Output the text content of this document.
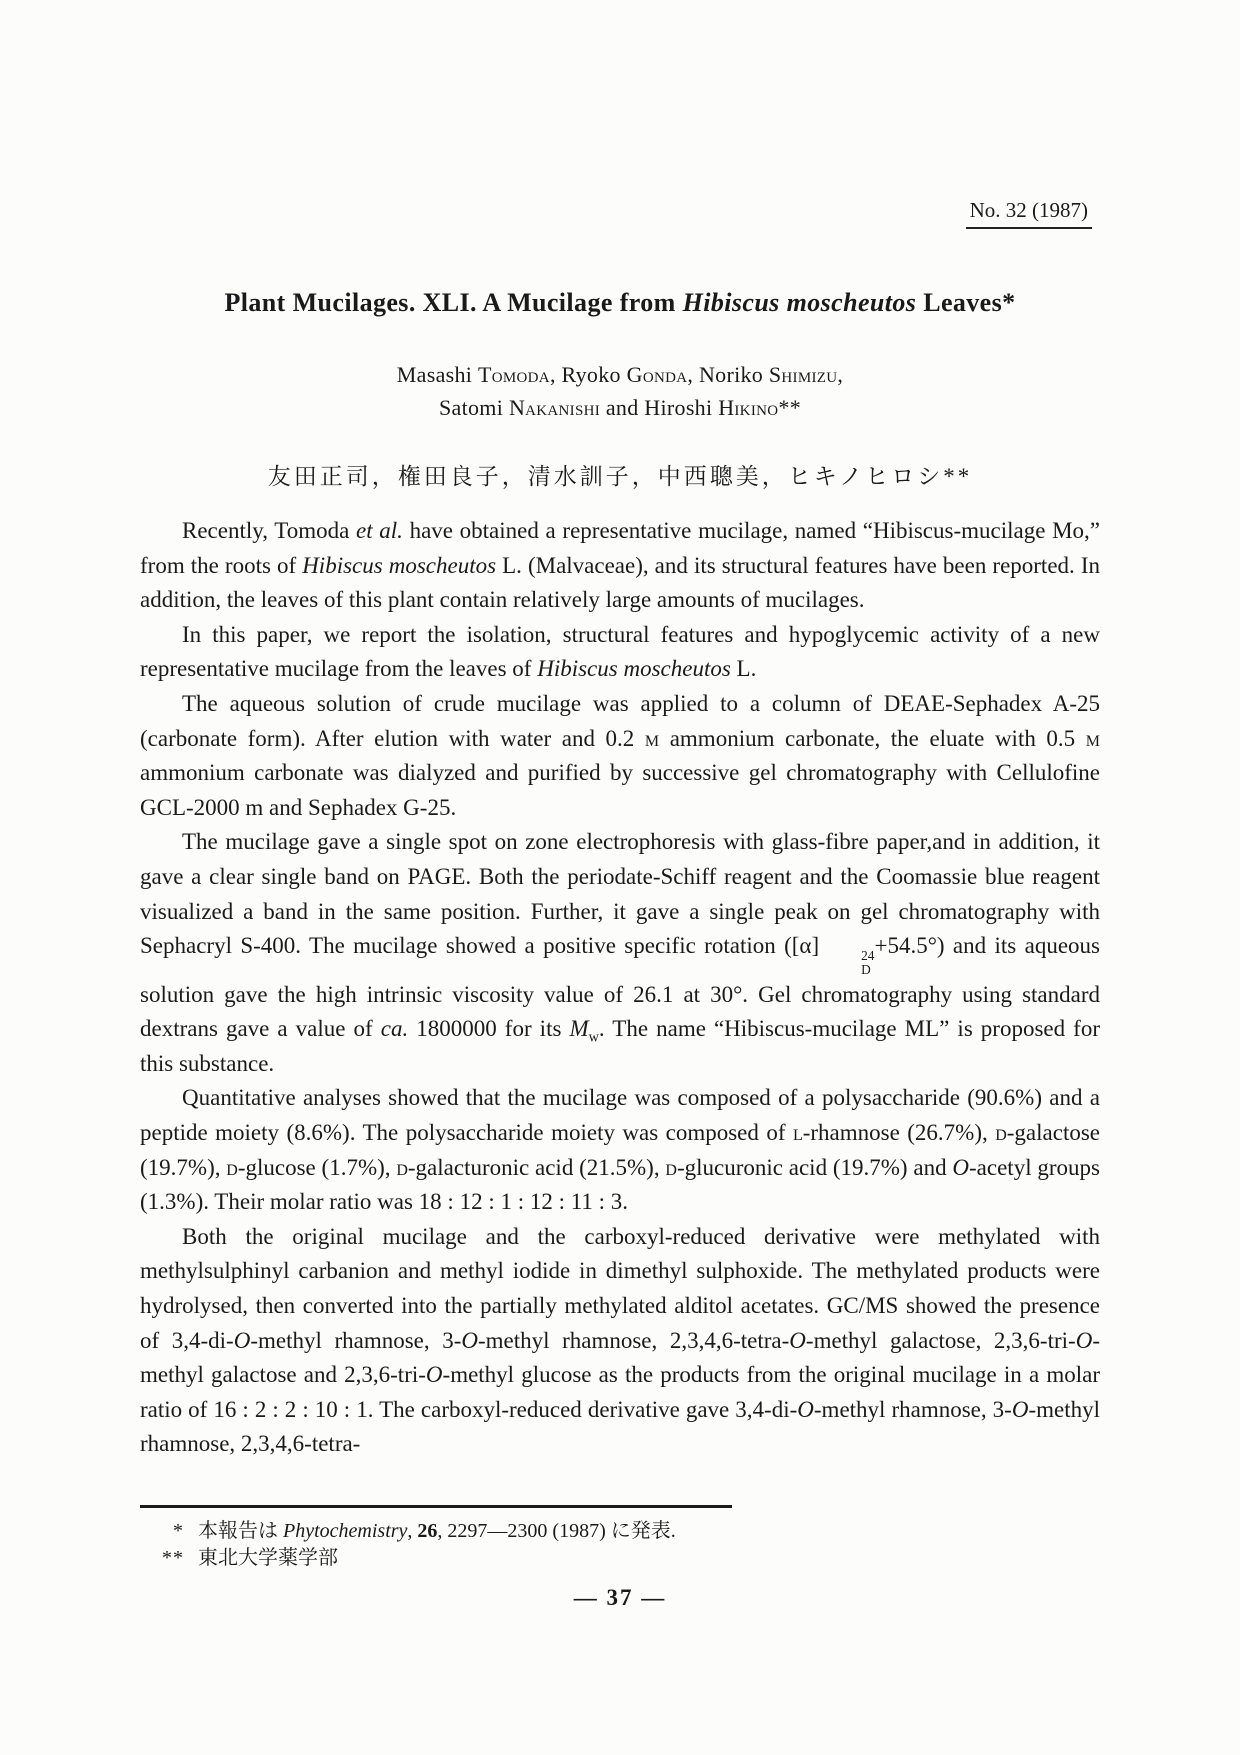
No. 32 (1987)
Plant Mucilages. XLI. A Mucilage from Hibiscus moscheutos Leaves*
Masashi Tomoda, Ryoko Gonda, Noriko Shimizu,
Satomi Nakanishi and Hiroshi Hikino**
友田正司，権田良子，清水訓子，中西聰美，ヒキノヒロシ**

Recently, Tomoda et al. have obtained a representative mucilage, named “Hibiscus-mucilage Mo,” from the roots of Hibiscus moscheutos L. (Malvaceae), and its structural features have been reported. In addition, the leaves of this plant contain relatively large amounts of mucilages.

In this paper, we report the isolation, structural features and hypoglycemic activity of a new representative mucilage from the leaves of Hibiscus moscheutos L.

The aqueous solution of crude mucilage was applied to a column of DEAE-Sephadex A-25 (carbonate form). After elution with water and 0.2 m ammonium carbonate, the eluate with 0.5 m ammonium carbonate was dialyzed and purified by successive gel chromatography with Cellulofine GCL-2000 m and Sephadex G-25.

The mucilage gave a single spot on zone electrophoresis with glass-fibre paper,and in addition, it gave a clear single band on PAGE. Both the periodate-Schiff reagent and the Coomassie blue reagent visualized a band in the same position. Further, it gave a single peak on gel chromatography with Sephacryl S-400. The mucilage showed a positive specific rotation ([α]	24
D
+54.5°) and its aqueous solution gave the high intrinsic viscosity value of 26.1 at 30°. Gel chromatography using standard dextrans gave a value of ca. 1800000 for its $M_w$. The name “Hibiscus-mucilage ML” is proposed for this substance.

Quantitative analyses showed that the mucilage was composed of a polysaccharide (90.6%) and a peptide moiety (8.6%). The polysaccharide moiety was composed of l-rhamnose (26.7%), d-galactose (19.7%), d-glucose (1.7%), d-galacturonic acid (21.5%), d-glucuronic acid (19.7%) and O-acetyl groups (1.3%). Their molar ratio was 18 : 12 : 1 : 12 : 11 : 3.

Both the original mucilage and the carboxyl-reduced derivative were methylated with methylsulphinyl carbanion and methyl iodide in dimethyl sulphoxide. The methylated products were hydrolysed, then converted into the partially methylated alditol acetates. GC/MS showed the presence of 3,4-di-O-methyl rhamnose, 3-O-methyl rhamnose, 2,3,4,6-tetra-O-methyl galactose, 2,3,6-tri-O-methyl galactose and 2,3,6-tri-O-methyl glucose as the products from the original mucilage in a molar ratio of 16 : 2 : 2 : 10 : 1. The carboxyl-reduced derivative gave 3,4-di-O-methyl rhamnose, 3-O-methyl rhamnose, 2,3,4,6-tetra-

* 本報告は Phytochemistry, 26, 2297—2300 (1987) に発表.
** 東北大学薬学部
— 37 —
